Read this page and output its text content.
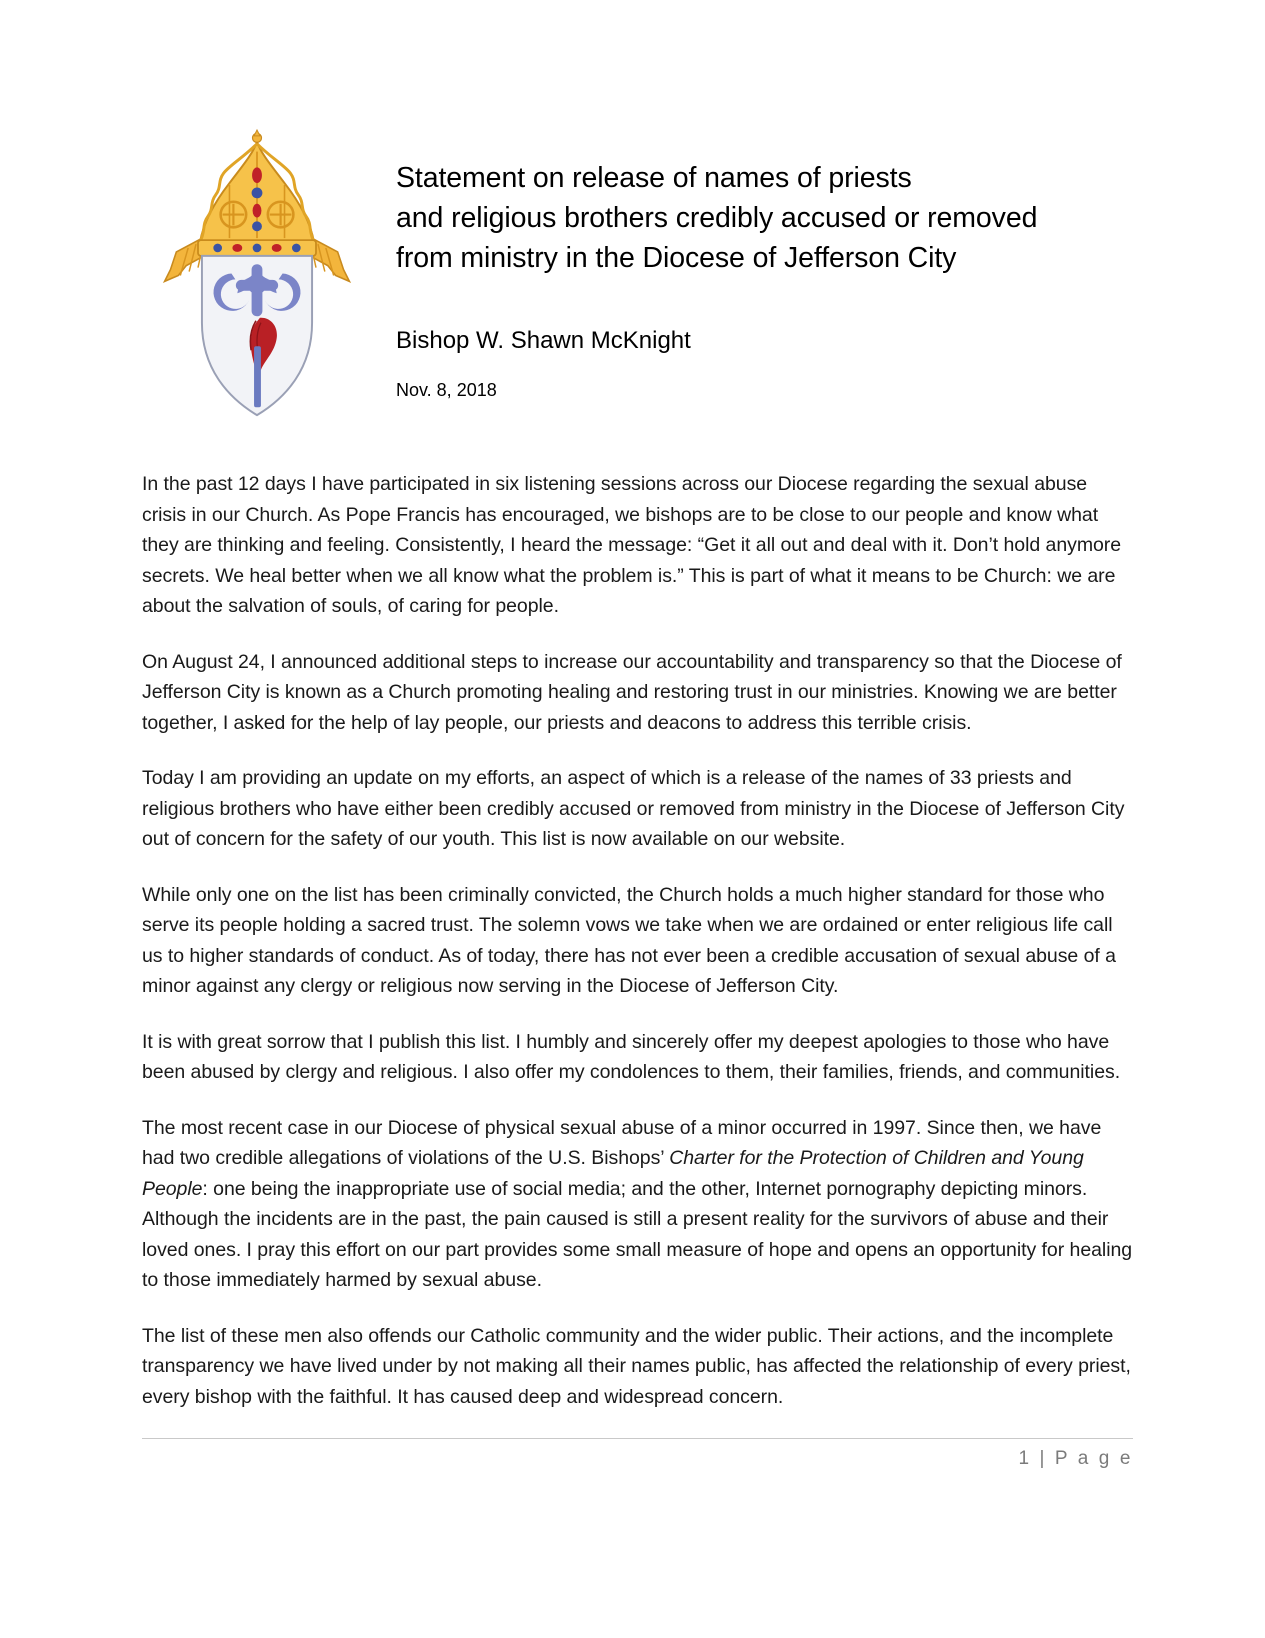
Statement on release of names of priests
and religious brothers credibly accused or removed
from ministry in the Diocese of Jefferson City
Bishop W. Shawn McKnight
Nov. 8, 2018

In the past 12 days I have participated in six listening sessions across our Diocese regarding the sexual abuse crisis in our Church. As Pope Francis has encouraged, we bishops are to be close to our people and know what they are thinking and feeling. Consistently, I heard the message: “Get it all out and deal with it. Don’t hold anymore secrets. We heal better when we all know what the problem is.” This is part of what it means to be Church: we are about the salvation of souls, of caring for people.

On August 24, I announced additional steps to increase our accountability and transparency so that the Diocese of Jefferson City is known as a Church promoting healing and restoring trust in our ministries. Knowing we are better together, I asked for the help of lay people, our priests and deacons to address this terrible crisis.

Today I am providing an update on my efforts, an aspect of which is a release of the names of 33 priests and religious brothers who have either been credibly accused or removed from ministry in the Diocese of Jefferson City out of concern for the safety of our youth. This list is now available on our website.

While only one on the list has been criminally convicted, the Church holds a much higher standard for those who serve its people holding a sacred trust. The solemn vows we take when we are ordained or enter religious life call us to higher standards of conduct. As of today, there has not ever been a credible accusation of sexual abuse of a minor against any clergy or religious now serving in the Diocese of Jefferson City.

It is with great sorrow that I publish this list. I humbly and sincerely offer my deepest apologies to those who have been abused by clergy and religious. I also offer my condolences to them, their families, friends, and communities.

The most recent case in our Diocese of physical sexual abuse of a minor occurred in 1997. Since then, we have had two credible allegations of violations of the U.S. Bishops’ Charter for the Protection of Children and Young People: one being the inappropriate use of social media; and the other, Internet pornography depicting minors. Although the incidents are in the past, the pain caused is still a present reality for the survivors of abuse and their loved ones. I pray this effort on our part provides some small measure of hope and opens an opportunity for healing to those immediately harmed by sexual abuse.

The list of these men also offends our Catholic community and the wider public. Their actions, and the incomplete transparency we have lived under by not making all their names public, has affected the relationship of every priest, every bishop with the faithful. It has caused deep and widespread concern.

1 | P a g e
